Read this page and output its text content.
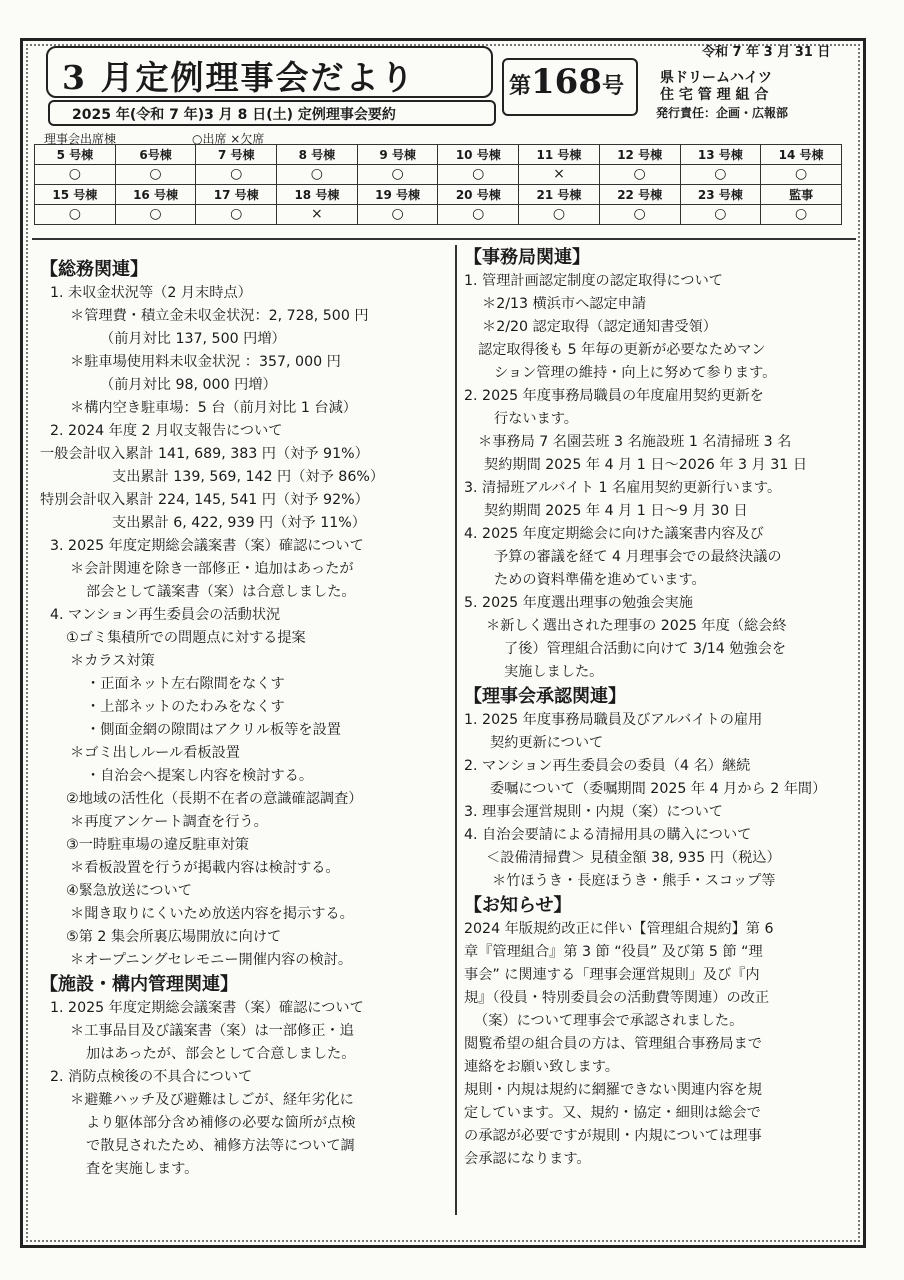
3 月定例理事会だより
2025 年(令和 7 年)3 月 8 日(土) 定例理事会要約
第168号
令和 7 年 3 月 31 日
県ドリームハイツ
住 宅 管 理 組 合
発行責任：企画・広報部
理事会出席棟	○出席 ×欠席
5 号棟	6号棟	7 号棟	8 号棟	9 号棟	10 号棟	11 号棟	12 号棟	13 号棟	14 号棟
○	○	○	○	○	○	×	○	○	○
15 号棟	16 号棟	17 号棟	18 号棟	19 号棟	20 号棟	21 号棟	22 号棟	23 号棟	監事
○	○	○	×	○	○	○	○	○	○
【総務関連】
1. 未収金状況等（2 月末時点）
＊管理費・積立金未収金状況：2, 728, 500 円
（前月対比 137, 500 円増）
＊駐車場使用料未収金状況 ：357, 000 円
（前月対比 98, 000 円増）
＊構内空き駐車場：5 台（前月対比 1 台減）
2. 2024 年度 2 月収支報告について
一般会計収入累計 141, 689, 383 円（対予 91%）
支出累計 139, 569, 142 円（対予 86%）
特別会計収入累計 224, 145, 541 円（対予 92%）
支出累計 6, 422, 939 円（対予 11%）
3. 2025 年度定期総会議案書（案）確認について
＊会計関連を除き一部修正・追加はあったが
部会として議案書（案）は合意しました。
4. マンション再生委員会の活動状況
①ゴミ集積所での問題点に対する提案
＊カラス対策
・正面ネット左右隙間をなくす
・上部ネットのたわみをなくす
・側面金網の隙間はアクリル板等を設置
＊ゴミ出しルール看板設置
・自治会へ提案し内容を検討する。
②地域の活性化（長期不在者の意識確認調査）
＊再度アンケート調査を行う。
③一時駐車場の違反駐車対策
＊看板設置を行うが掲載内容は検討する。
④緊急放送について
＊聞き取りにくいため放送内容を掲示する。
⑤第 2 集会所裏広場開放に向けて
＊オープニングセレモニー開催内容の検討。
【施設・構内管理関連】
1. 2025 年度定期総会議案書（案）確認について
＊工事品目及び議案書（案）は一部修正・追
加はあったが、部会として合意しました。
2. 消防点検後の不具合について
＊避難ハッチ及び避難はしごが、経年劣化に
より躯体部分含め補修の必要な箇所が点検
で散見されたため、補修方法等について調
査を実施します。
【事務局関連】
1. 管理計画認定制度の認定取得について
＊2/13 横浜市へ認定申請
＊2/20 認定取得（認定通知書受領）
認定取得後も 5 年毎の更新が必要なためマン
ション管理の維持・向上に努めて参ります。
2. 2025 年度事務局職員の年度雇用契約更新を
行ないます。
＊事務局 7 名園芸班 3 名施設班 1 名清掃班 3 名
契約期間 2025 年 4 月 1 日〜2026 年 3 月 31 日
3. 清掃班アルバイト 1 名雇用契約更新行います。
契約期間 2025 年 4 月 1 日〜9 月 30 日
4. 2025 年度定期総会に向けた議案書内容及び
予算の審議を経て 4 月理事会での最終決議の
ための資料準備を進めています。
5. 2025 年度選出理事の勉強会実施
＊新しく選出された理事の 2025 年度（総会終
了後）管理組合活動に向けて 3/14 勉強会を
実施しました。
【理事会承認関連】
1. 2025 年度事務局職員及びアルバイトの雇用
契約更新について
2. マンション再生委員会の委員（4 名）継続
委嘱について（委嘱期間 2025 年 4 月から 2 年間）
3. 理事会運営規則・内規（案）について
4. 自治会要請による清掃用具の購入について
＜設備清掃費＞ 見積金額 38, 935 円（税込）
＊竹ほうき・長庭ほうき・熊手・スコップ等
【お知らせ】
2024 年版規約改正に伴い【管理組合規約】第 6
章『管理組合』第 3 節 “役員” 及び第 5 節 “理
事会” に関連する「理事会運営規則」及び『内
規』（役員・特別委員会の活動費等関連）の改正
（案）について理事会で承認されました。
閲覧希望の組合員の方は、管理組合事務局まで
連絡をお願い致します。
規則・内規は規約に網羅できない関連内容を規
定しています。又、規約・協定・細則は総会で
の承認が必要ですが規則・内規については理事
会承認になります。
